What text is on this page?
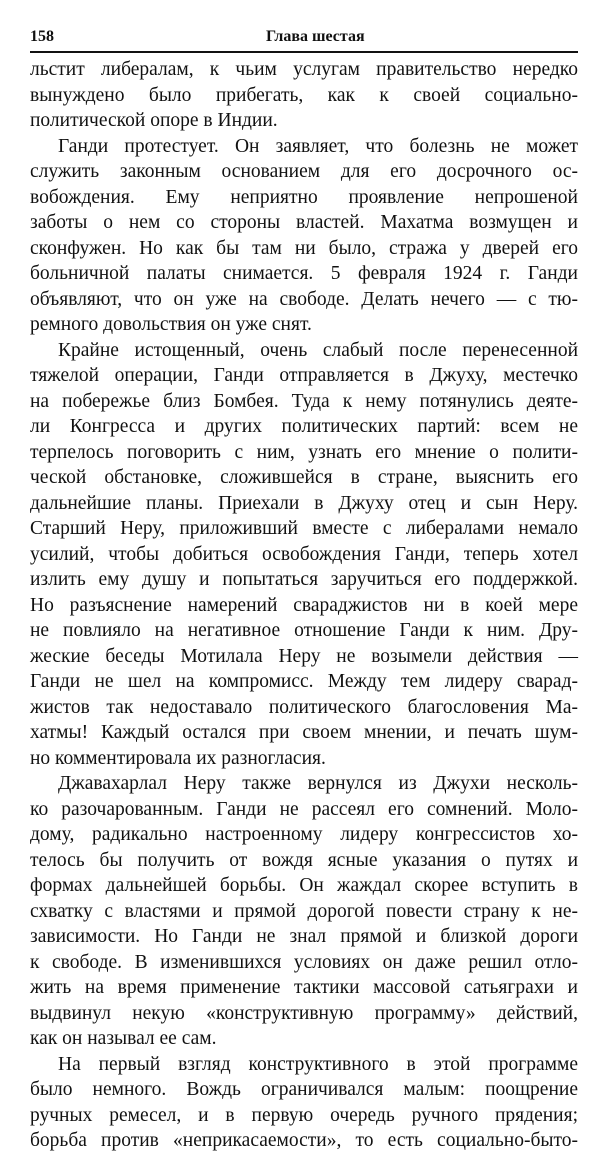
158	Глава шестая
льстит либералам, к чьим услугам правительство нередко
вынуждено было прибегать, как к своей социально-
политической опоре в Индии.
Ганди протестует. Он заявляет, что болезнь не может
служить законным основанием для его досрочного ос-
вобождения. Ему неприятно проявление непрошеной
заботы о нем со стороны властей. Махатма возмущен и
сконфужен. Но как бы там ни было, стража у дверей его
больничной палаты снимается. 5 февраля 1924 г. Ганди
объявляют, что он уже на свободе. Делать нечего — с тю-
ремного довольствия он уже снят.
Крайне истощенный, очень слабый после перенесенной
тяжелой операции, Ганди отправляется в Джуху, местечко
на побережье близ Бомбея. Туда к нему потянулись деяте-
ли Конгресса и других политических партий: всем не
терпелось поговорить с ним, узнать его мнение о полити-
ческой обстановке, сложившейся в стране, выяснить его
дальнейшие планы. Приехали в Джуху отец и сын Неру.
Старший Неру, приложивший вместе с либералами немало
усилий, чтобы добиться освобождения Ганди, теперь хотел
излить ему душу и попытаться заручиться его поддержкой.
Но разъяснение намерений свараджистов ни в коей мере
не повлияло на негативное отношение Ганди к ним. Дру-
жеские беседы Мотилала Неру не возымели действия —
Ганди не шел на компромисс. Между тем лидеру сварад-
жистов так недоставало политического благословения Ма-
хатмы! Каждый остался при своем мнении, и печать шум-
но комментировала их разногласия.
Джавахарлал Неру также вернулся из Джухи несколь-
ко разочарованным. Ганди не рассеял его сомнений. Моло-
дому, радикально настроенному лидеру конгрессистов хо-
телось бы получить от вождя ясные указания о путях и
формах дальнейшей борьбы. Он жаждал скорее вступить в
схватку с властями и прямой дорогой повести страну к не-
зависимости. Но Ганди не знал прямой и близкой дороги
к свободе. В изменившихся условиях он даже решил отло-
жить на время применение тактики массовой сатьяграхи и
выдвинул некую «конструктивную программу» действий,
как он называл ее сам.
На первый взгляд конструктивного в этой программе
было немного. Вождь ограничивался малым: поощрение
ручных ремесел, и в первую очередь ручного прядения;
борьба против «неприкасаемости», то есть социально-быто-
